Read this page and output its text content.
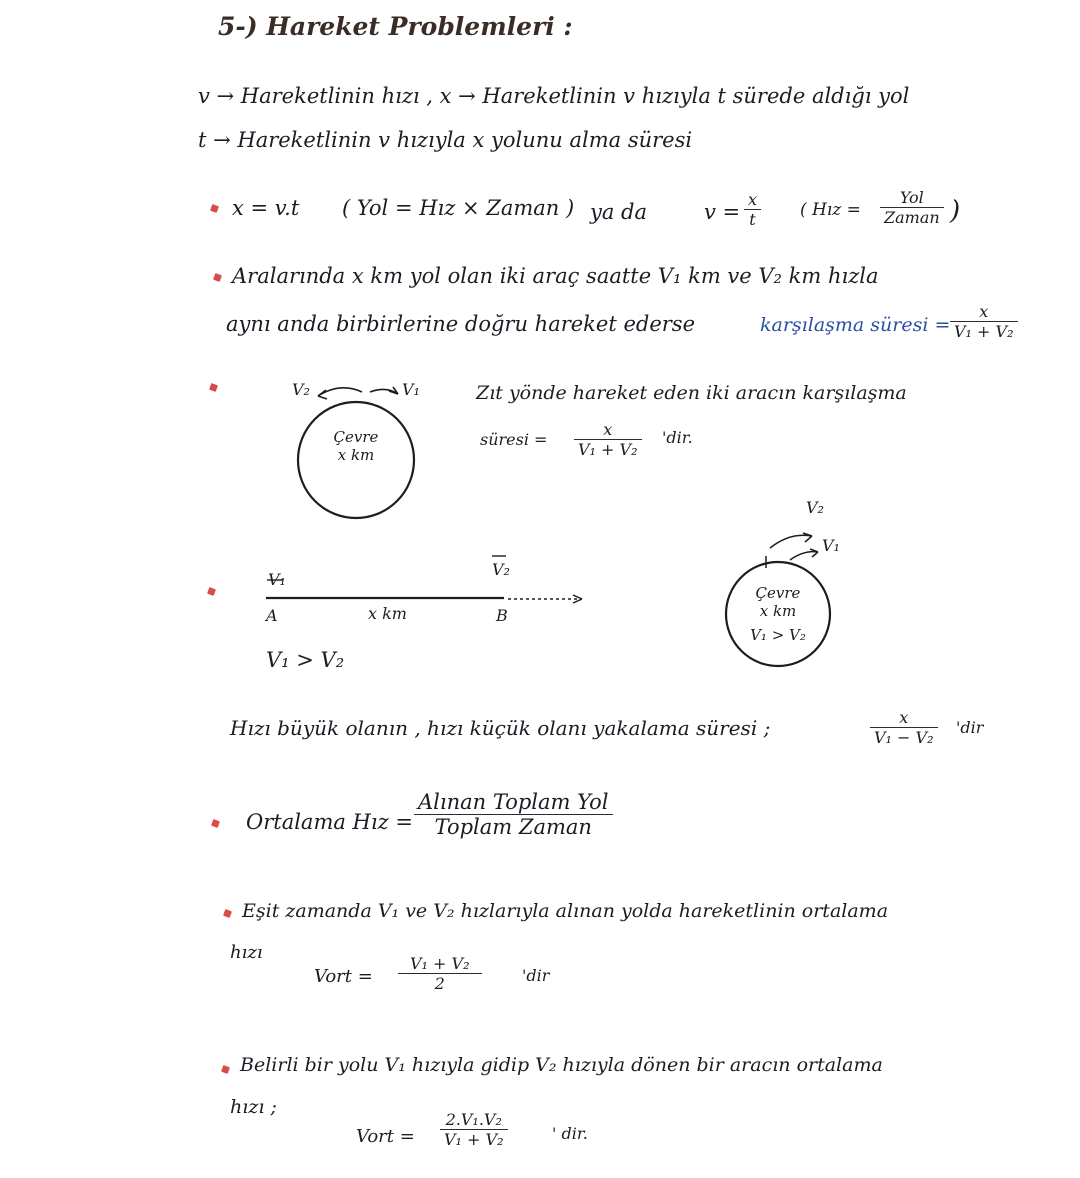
5-) Hareket Problemleri :
v → Hareketlinin hızı , x → Hareketlinin v hızıyla t sürede aldığı yol
t → Hareketlinin v hızıyla x yolunu alma süresi
x = v.t ( Yol = Hız × Zaman ) ya da	v =
x
t	( Hız =
Yol
Zaman )
Aralarında x km yol olan iki araç saatte V₁ km ve V₂ km hızla
aynı anda birbirlerine doğru hareket ederse	karşılaşma süresi =
x
V₁ + V₂
V₂	V₁
Çevre
x km
Zıt yönde hareket eden iki aracın karşılaşma
süresi =
x
V₁ + V₂
'dir.
V₁
V₂
A	B
x km
V₁ > V₂
V₂
V₁
Çevre
x km
V₁ > V₂
Hızı büyük olanın , hızı küçük olanı yakalama süresi ;	x
V₁ − V₂
'dir
Ortalama Hız =
Alınan Toplam Yol
Toplam Zaman
Eşit zamanda V₁ ve V₂ hızlarıyla alınan yolda hareketlinin ortalama
hızı
Vort =
V₁ + V₂
2	'dir
Belirli bir yolu V₁ hızıyla gidip V₂ hızıyla dönen bir aracın ortalama
hızı ;
Vort =
2.V₁.V₂
V₁ + V₂	' dir.
